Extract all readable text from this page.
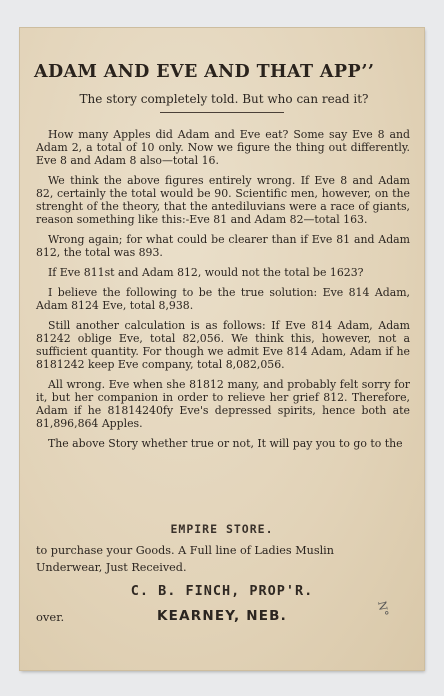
ADAM AND EVE AND THAT APPʼʼ
The story completely told. But who can read it?

How many Apples did Adam and Eve eat? Some say Eve 8 and Adam 2, a total of 10 only. Now we figure the thing out differently. Eve 8 and Adam 8 also—total 16.

We think the above figures entirely wrong. If Eve 8 and Adam 82, certainly the total would be 90. Scientific men, however, on the strenght of the theory, that the antediluvians were a race of giants, reason something like this:-Eve 81 and Adam 82—total 163.

Wrong again; for what could be clearer than if Eve 81 and Adam 812, the total was 893.

If Eve 811st and Adam 812, would not the total be 1623?

I believe the following to be the true solution: Eve 814 Adam, Adam 8124 Eve, total 8,938.

Still another calculation is as follows: If Eve 814 Adam, Adam 81242 oblige Eve, total 82,056. We think this, however, not a sufficient quantity. For though we admit Eve 814 Adam, Adam if he 8181242 keep Eve company, total 8,082,056.

All wrong. Eve when she 81812 many, and probably felt sorry for it, but her companion in order to relieve her grief 812. Therefore, Adam if he 81814240fy Eve's depressed spirits, hence both ate 81,896,864 Apples.

The above Story whether true or not, It will pay you to go to the

EMPIRE STORE.
to purchase your Goods. A Full line of Ladies Muslin
Underwear, Just Received.
C. B. FINCH, PROP'R.
over.	KEARNEY, NEB.	N°
